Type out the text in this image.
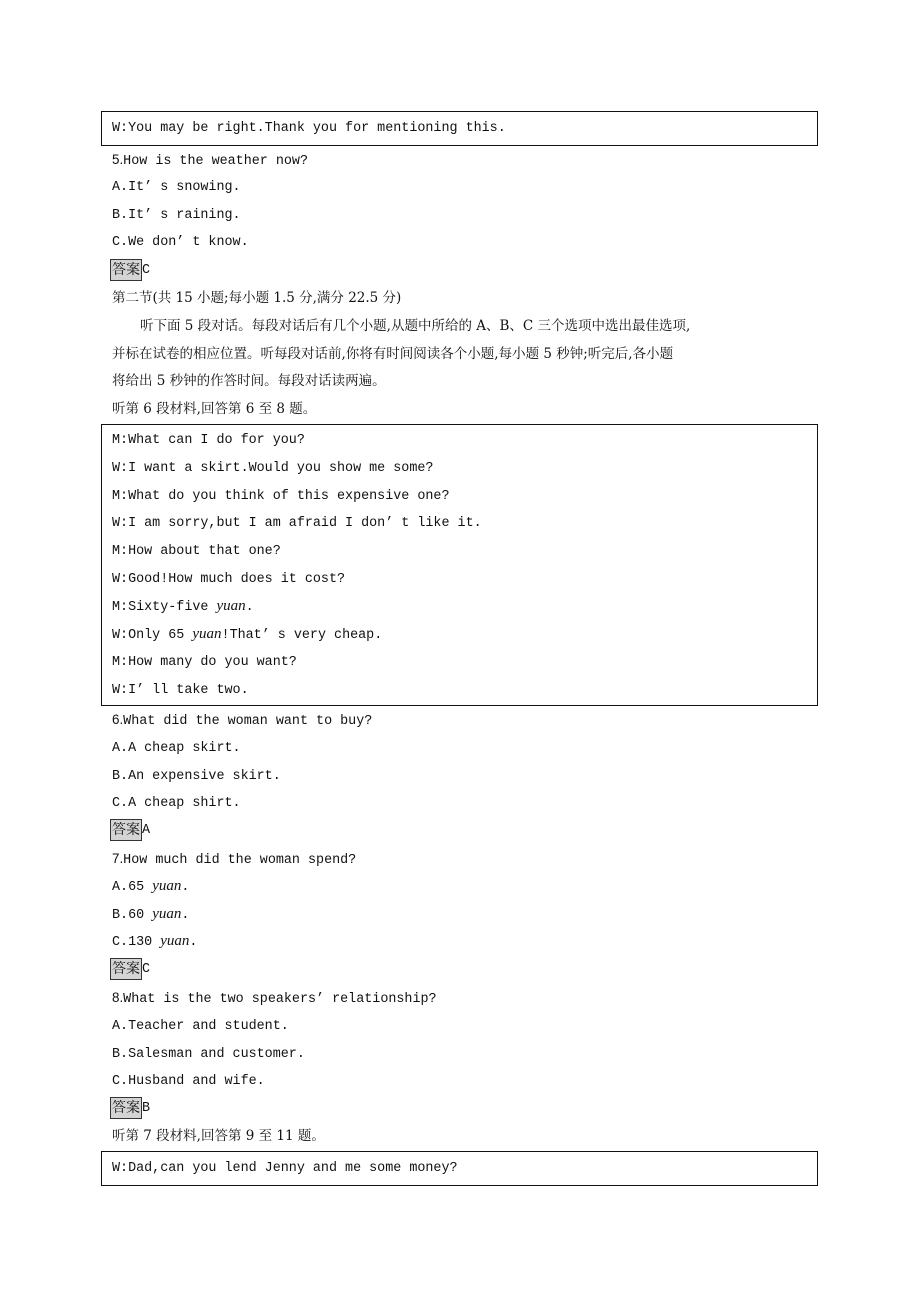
W:You may be right.Thank you for mentioning this.
5.How is the weather now?
A.It’ s snowing.
B.It’ s raining.
C.We don’ t know.
答案 C
第二节(共 15 小题;每小题 1.5 分,满分 22.5 分)
听下面 5 段对话。每段对话后有几个小题,从题中所给的 A、B、C 三个选项中选出最佳选项,
并标在试卷的相应位置。听每段对话前,你将有时间阅读各个小题,每小题 5 秒钟;听完后,各小题
将给出 5 秒钟的作答时间。每段对话读两遍。
听第 6 段材料,回答第 6 至 8 题。
M:What can I do for you?
W:I want a skirt.Would you show me some?
M:What do you think of this expensive one?
W:I am sorry,but I am afraid I don’ t like it.
M:How about that one?
W:Good!How much does it cost?
M:Sixty-five yuan.
W:Only 65 yuan!That’ s very cheap.
M:How many do you want?
W:I’ ll take two.
6.What did the woman want to buy?
A.A cheap skirt.
B.An expensive skirt.
C.A cheap shirt.
答案 A
7.How much did the woman spend?
A.65 yuan.
B.60 yuan.
C.130 yuan.
答案 C
8.What is the two speakers’ relationship?
A.Teacher and student.
B.Salesman and customer.
C.Husband and wife.
答案 B
听第 7 段材料,回答第 9 至 11 题。
W:Dad,can you lend Jenny and me some money?
